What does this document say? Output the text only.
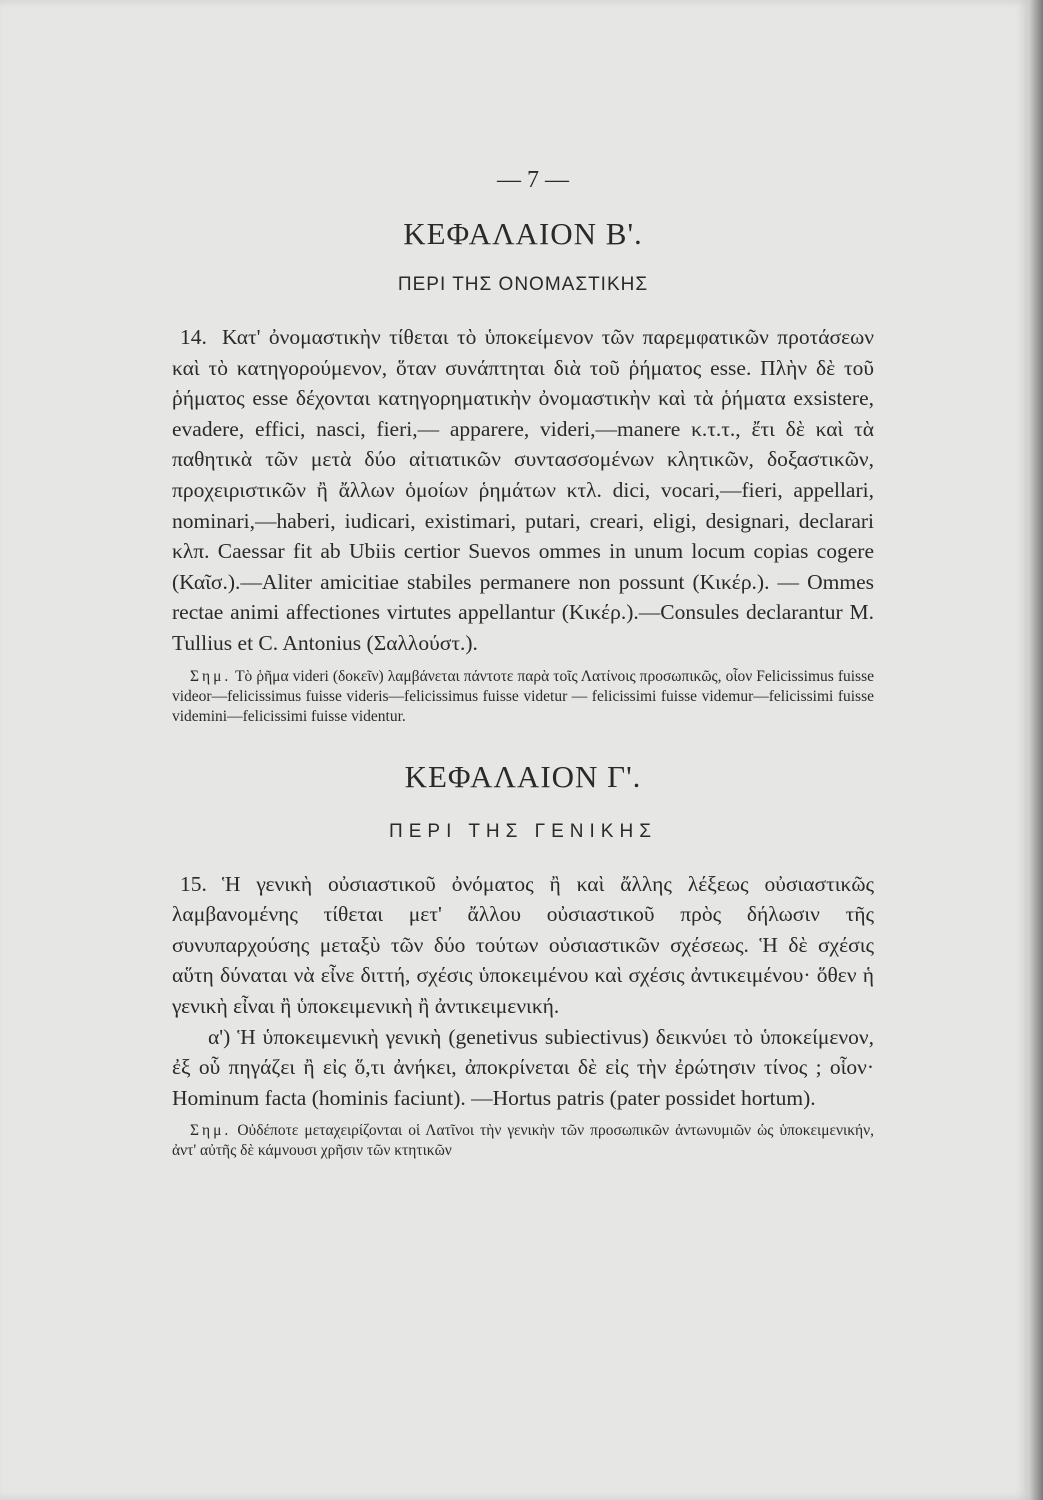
— 7 —
ΚΕΦΑΛΑΙΟΝ Β'.
ΠΕΡΙ ΤΗΣ ΟΝΟΜΑΣΤΙΚΗΣ

14. Κατ' ὀνομαστικὴν τίθεται τὸ ὑποκείμενον τῶν παρεμφατικῶν προτάσεων καὶ τὸ κατηγορούμενον, ὅταν συνάπτηται διὰ τοῦ ῥήματος esse. Πλὴν δὲ τοῦ ῥήματος esse δέχονται κατηγορηματικὴν ὀνομαστικὴν καὶ τὰ ῥήματα exsistere, evadere, effici, nasci, fieri,— apparere, videri,—manere κ.τ.τ., ἔτι δὲ καὶ τὰ παθητικὰ τῶν μετὰ δύο αἰτιατικῶν συντασσομένων κλητικῶν, δοξαστικῶν, προχειριστικῶν ἢ ἄλλων ὁμοίων ῥημάτων κτλ. dici, vocari,—fieri, appellari, nominari,—haberi, iudicari, existimari, putari, creari, eligi, designari, declarari κλπ. Caessar fit ab Ubiis certior Suevos ommes in unum locum copias cogere (Καῖσ.).—Aliter amicitiae stabiles permanere non possunt (Κικέρ.). — Ommes rectae animi affectiones virtutes appellantur (Κικέρ.).—Consules declarantur M. Tullius et C. Antonius (Σαλλούστ.).

Σημ. Τὸ ῥῆμα videri (δοκεῖν) λαμβάνεται πάντοτε παρὰ τοῖς Λατίνοις προσωπικῶς, οἷον Felicissimus fuisse videor—felicissimus fuisse videris—felicissimus fuisse videtur — felicissimi fuisse videmur—felicissimi fuisse videmini—felicissimi fuisse videntur.

ΚΕΦΑΛΑΙΟΝ Γ'.
ΠΕΡΙ ΤΗΣ ΓΕΝΙΚΗΣ

15. Ἡ γενικὴ οὐσιαστικοῦ ὀνόματος ἢ καὶ ἄλλης λέξεως οὐσιαστικῶς λαμβανομένης τίθεται μετ' ἄλλου οὐσιαστικοῦ πρὸς δήλωσιν τῆς συνυπαρχούσης μεταξὺ τῶν δύο τούτων οὐσιαστικῶν σχέσεως. Ἡ δὲ σχέσις αὕτη δύναται νὰ εἶνε διττή, σχέσις ὑποκειμένου καὶ σχέσις ἀντικειμένου· ὅθεν ἡ γενικὴ εἶναι ἢ ὑποκειμενικὴ ἢ ἀντικειμενική.

α') Ἡ ὑποκειμενικὴ γενικὴ (genetivus subiectivus) δεικνύει τὸ ὑποκείμενον, ἐξ οὗ πηγάζει ἢ εἰς ὅ,τι ἀνήκει, ἀποκρίνεται δὲ εἰς τὴν ἐρώτησιν τίνος ; οἷον· Hominum facta (hominis faciunt). —Hortus patris (pater possidet hortum).

Σημ. Οὐδέποτε μεταχειρίζονται οἱ Λατῖνοι τὴν γενικὴν τῶν προσωπικῶν ἀντωνυμιῶν ὡς ὑποκειμενικήν, ἀντ' αὐτῆς δὲ κάμνουσι χρῆσιν τῶν κτητικῶν
